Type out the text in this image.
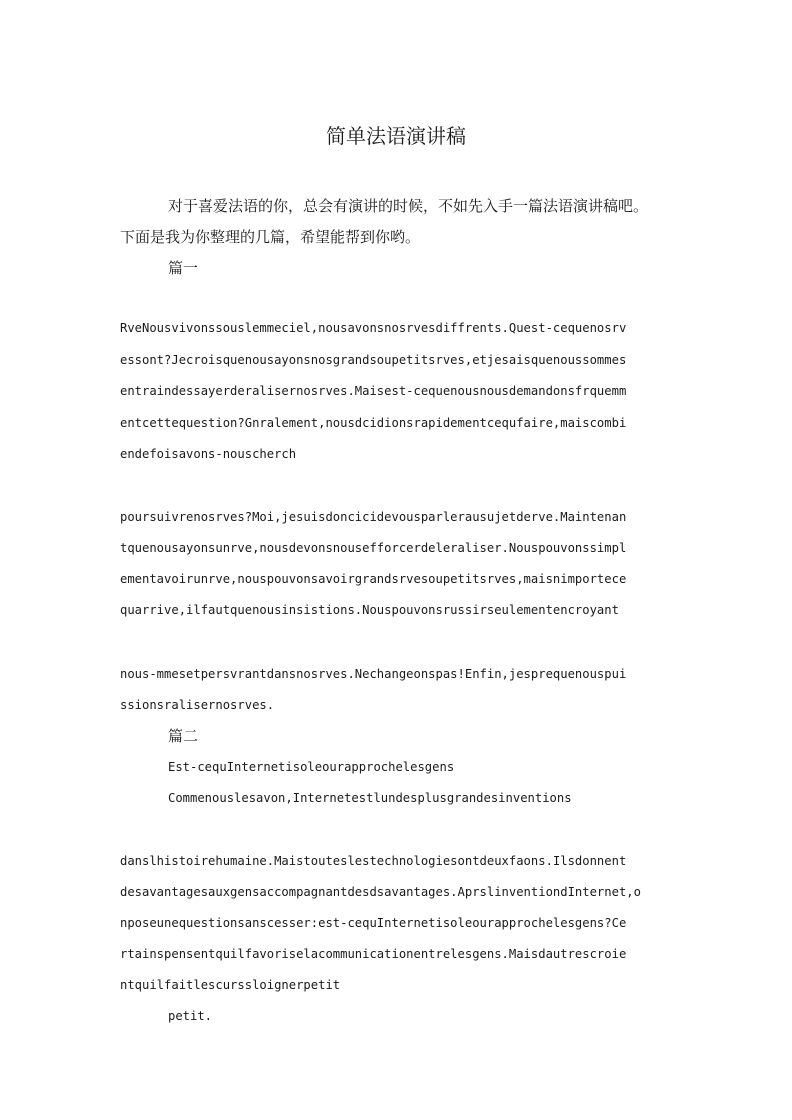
简单法语演讲稿

对于喜爱法语的你，总会有演讲的时候，不如先入手一篇法语演讲稿吧。

下面是我为你整理的几篇，希望能帮到你哟。

篇一

RveNousvivonssouslemmeciel,nousavonsnosrvesdiffrents.Quest-cequenosrv

essont?Jecroisquenousayonsnosgrandsoupetitsrves,etjesaisquenoussommes

entraindessayerderalisernosrves.Maisest-cequenousnousdemandonsfrquemm

entcettequestion?Gnralement,nousdcidionsrapidementcequfaire,maiscombi

endefoisavons-nouscherch

poursuivrenosrves?Moi,jesuisdoncicidevousparlerausujetderve.Maintenan

tquenousayonsunrve,nousdevonsnousefforcerdeleraliser.Nouspouvonssimpl

ementavoirunrve,nouspouvonsavoirgrandsrvesoupetitsrves,maisnimportece

quarrive,ilfautquenousinsistions.Nouspouvonsrussirseulementencroyant

nous-mmesetpersvrantdansnosrves.Nechangeonspas!Enfin,jesprequenouspui

ssionsralisernosrves.

篇二

Est-cequInternetisoleourapprochelesgens

Commenouslesavon,Internetestlundesplusgrandesinventions

danslhistoirehumaine.Maistouteslestechnologiesontdeuxfaons.Ilsdonnent

desavantagesauxgensaccompagnantdesdsavantages.AprslinventiondInternet,o

nposeunequestionsanscesser:est-cequInternetisoleourapprochelesgens?Ce

rtainspensentquilfavoriselacommunicationentrelesgens.Maisdautrescroie

ntquilfaitlescurssloignerpetit

petit.
